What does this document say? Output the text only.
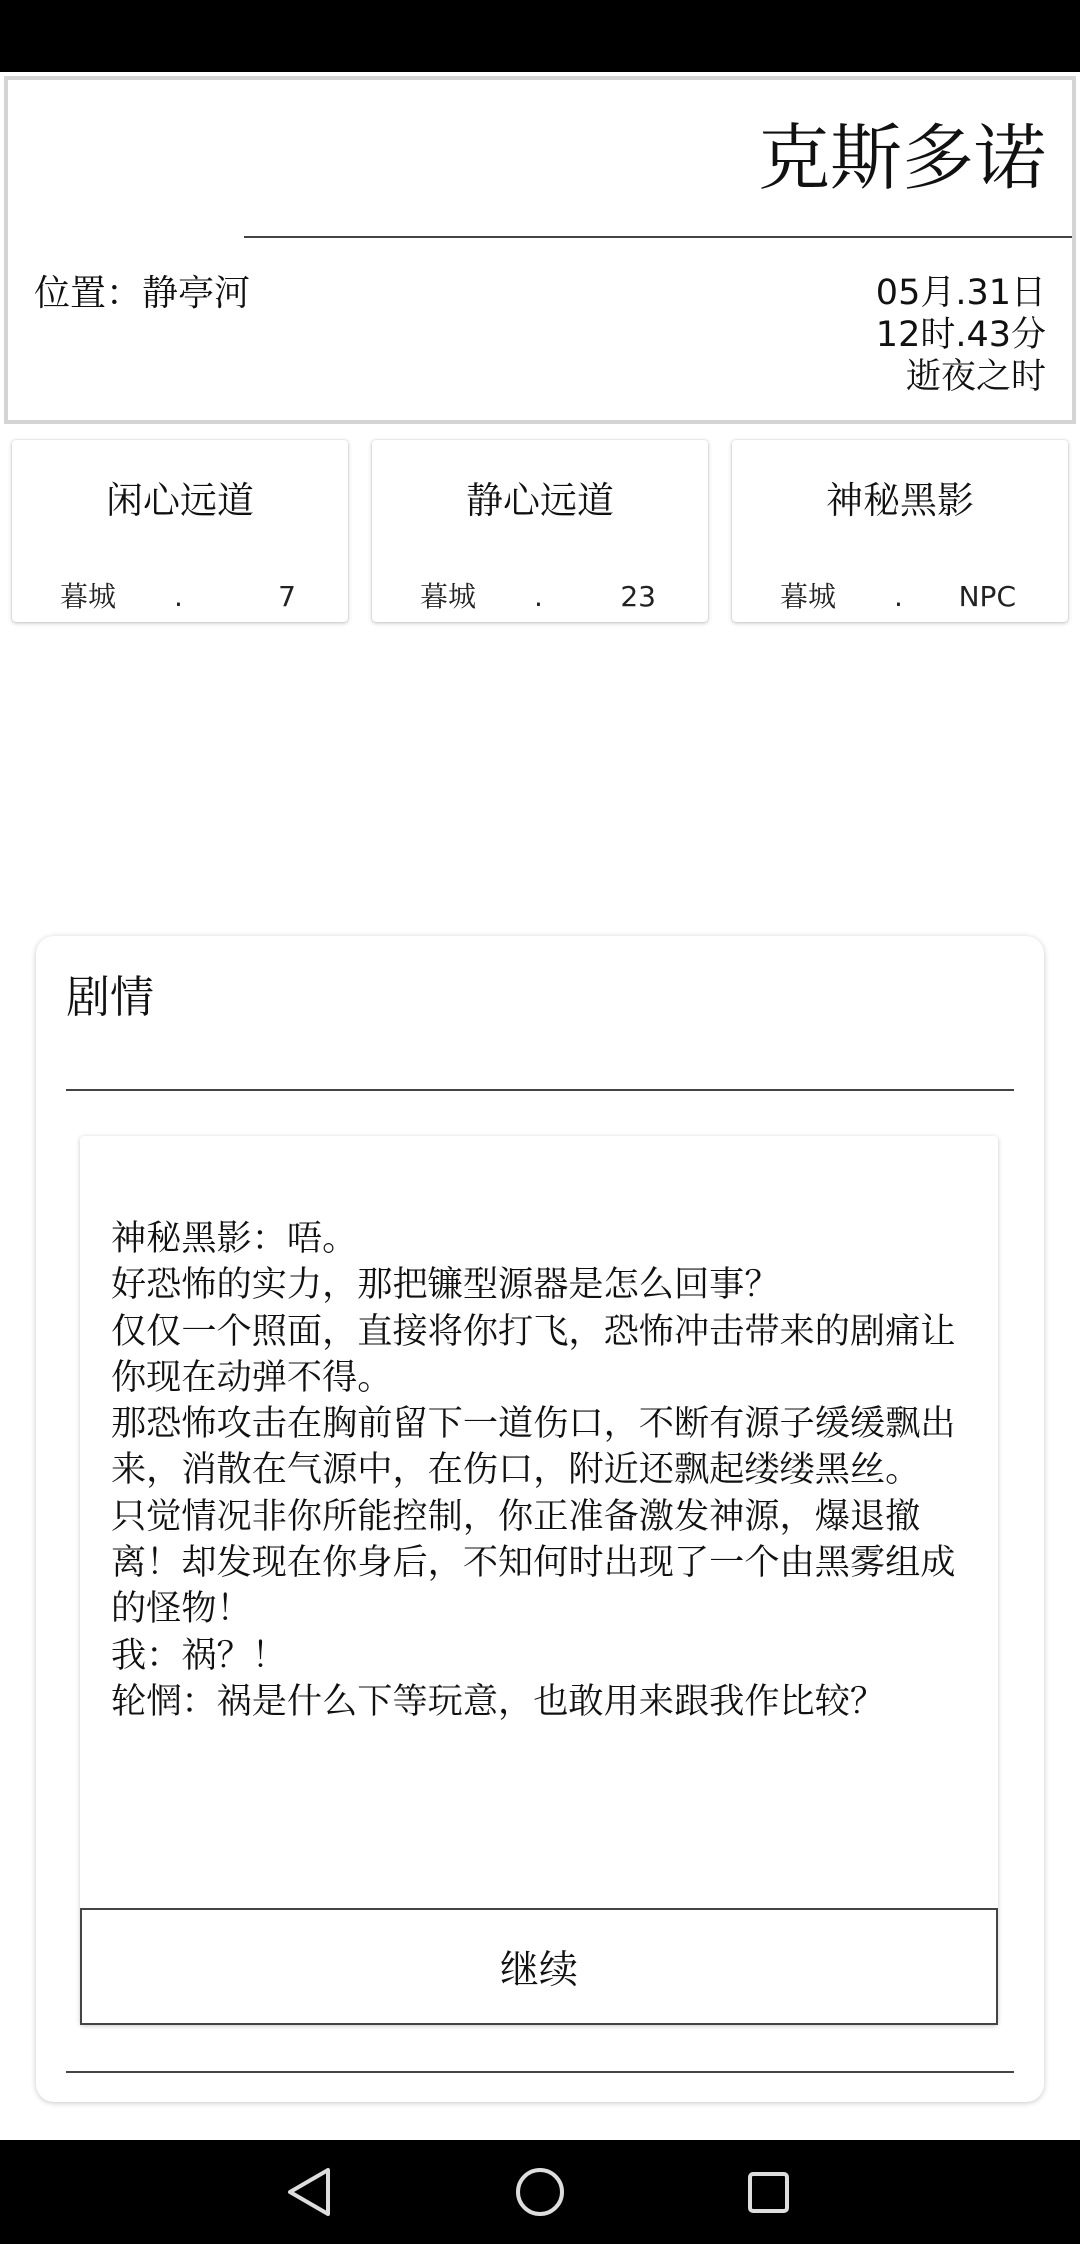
克斯多诺
位置：静亭河	05月.31日
12时.43分
逝夜之时
闲心远道
暮城 .	7
静心远道
暮城 .	23
神秘黑影
暮城 . NPC
剧情
神秘黑影：唔。
好恐怖的实力，那把镰型源器是怎么回事？
仅仅一个照面，直接将你打飞，恐怖冲击带来的剧痛让你现在动弹不得。
那恐怖攻击在胸前留下一道伤口，不断有源子缓缓飘出来，消散在气源中，在伤口，附近还飘起缕缕黑丝。
只觉情况非你所能控制，你正准备激发神源，爆退撤离！却发现在你身后，不知何时出现了一个由黑雾组成的怪物！
我：祸？！
轮惘：祸是什么下等玩意，也敢用来跟我作比较？
继续
